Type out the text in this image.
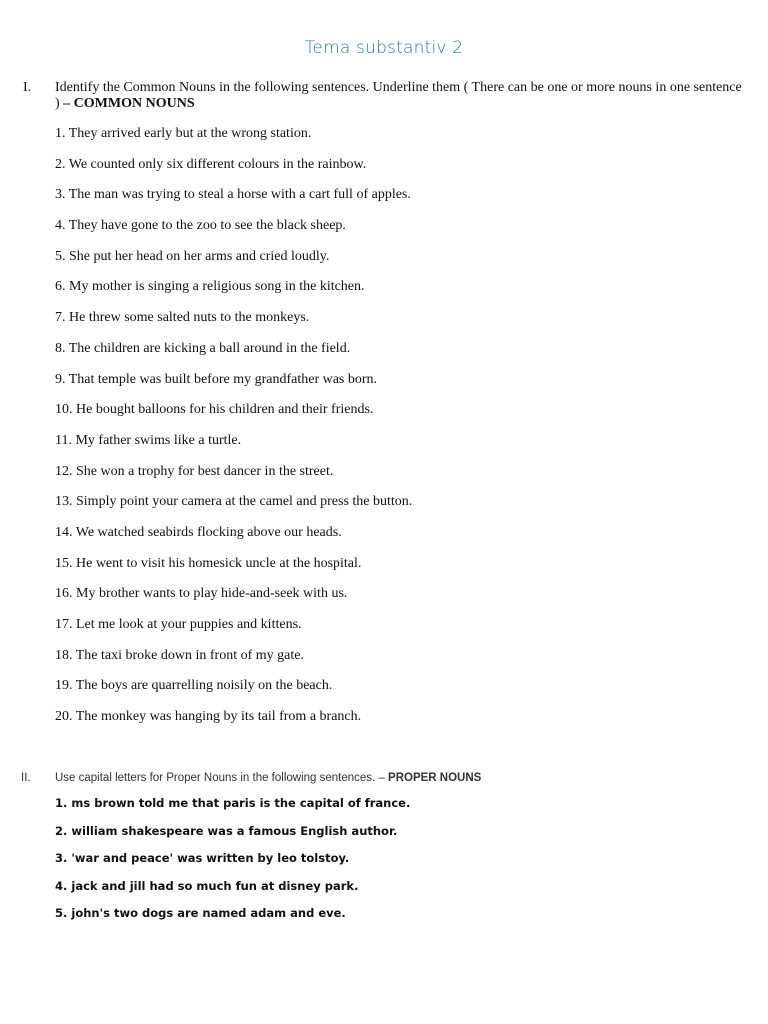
Tema substantiv 2
I. Identify the Common Nouns in the following sentences. Underline them ( There can be one or more nouns in one sentence ) – COMMON NOUNS
1. They arrived early but at the wrong station.
2. We counted only six different colours in the rainbow.
3. The man was trying to steal a horse with a cart full of apples.
4. They have gone to the zoo to see the black sheep.
5. She put her head on her arms and cried loudly.
6. My mother is singing a religious song in the kitchen.
7. He threw some salted nuts to the monkeys.
8. The children are kicking a ball around in the field.
9. That temple was built before my grandfather was born.
10. He bought balloons for his children and their friends.
11. My father swims like a turtle.
12. She won a trophy for best dancer in the street.
13. Simply point your camera at the camel and press the button.
14. We watched seabirds flocking above our heads.
15. He went to visit his homesick uncle at the hospital.
16. My brother wants to play hide-and-seek with us.
17. Let me look at your puppies and kittens.
18. The taxi broke down in front of my gate.
19. The boys are quarrelling noisily on the beach.
20. The monkey was hanging by its tail from a branch.
II. Use capital letters for Proper Nouns in the following sentences. – PROPER NOUNS
1. ms brown told me that paris is the capital of france.
2. william shakespeare was a famous English author.
3. 'war and peace' was written by leo tolstoy.
4. jack and jill had so much fun at disney park.
5. john's two dogs are named adam and eve.
